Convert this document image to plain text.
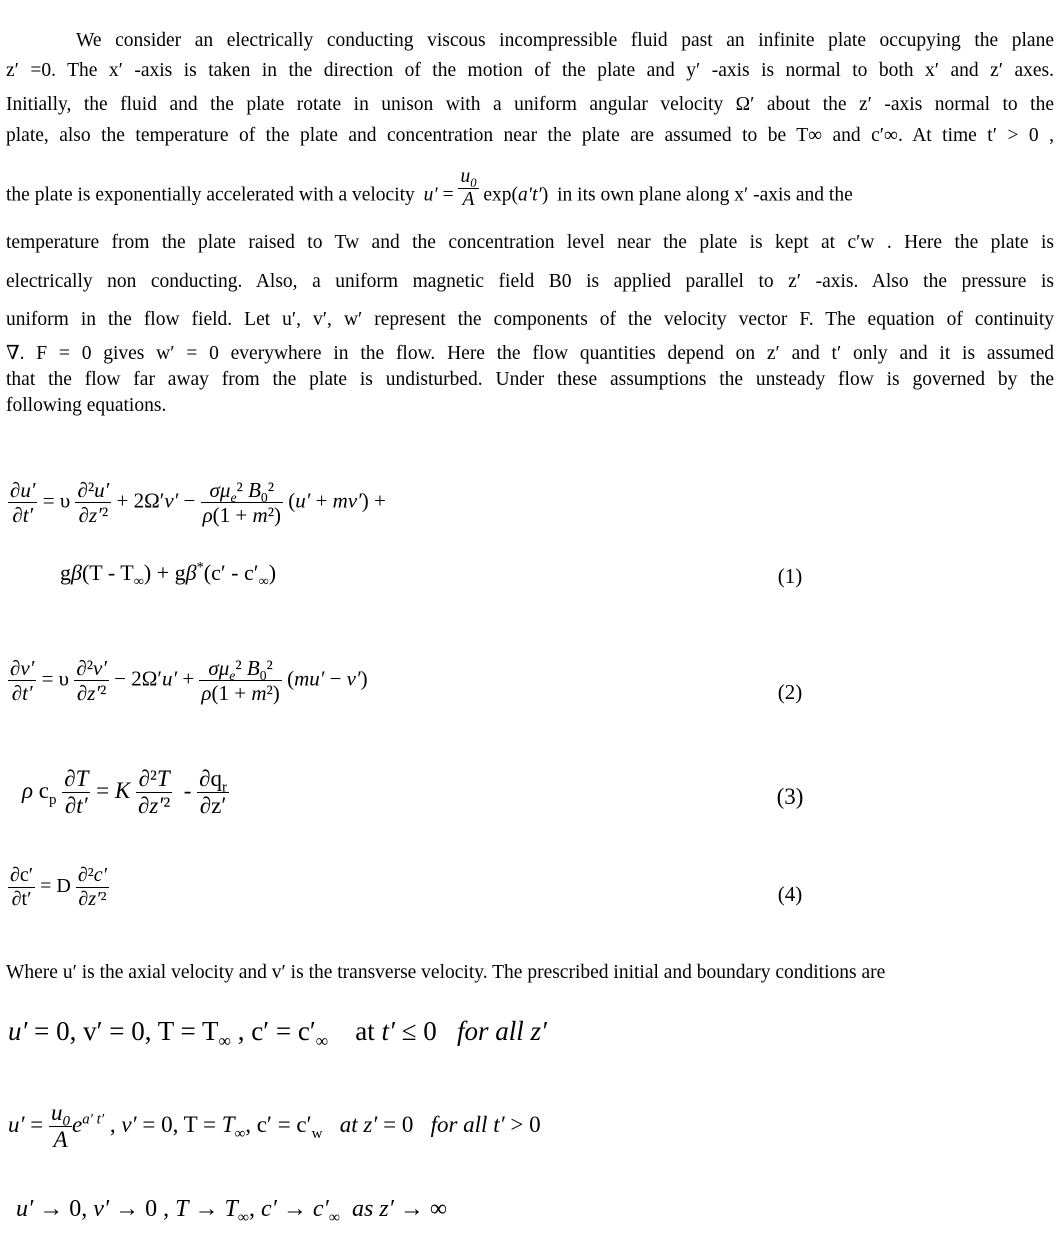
We consider an electrically conducting viscous incompressible fluid past an infinite plate occupying the plane
z′ =0. The x′ -axis is taken in the direction of the motion of the plate and y′ -axis is normal to both x′ and z′ axes.
Initially, the fluid and the plate rotate in unison with a uniform angular velocity Ω′ about the z′ -axis normal to the
plate, also the temperature of the plate and concentration near the plate are assumed to be T∞ and c′∞. At time t′ > 0 ,
the plate is exponentially accelerated with a velocity $u' = \frac{u_0}{A} \exp(a't')$ in its own plane along x′ -axis and the
temperature from the plate raised to Tw and the concentration level near the plate is kept at c′w . Here the plate is
electrically non conducting. Also, a uniform magnetic field B0 is applied parallel to z′ -axis. Also the pressure is
uniform in the flow field. Let u′, v′, w′ represent the components of the velocity vector F. The equation of continuity
∇. F = 0 gives w′ = 0 everywhere in the flow. Here the flow quantities depend on z′ and t′ only and it is assumed
that the flow far away from the plate is undisturbed. Under these assumptions the unsteady flow is governed by the
following equations.
$\frac{\partial u'}{\partial t'} = \upsilon \frac{\text{∂²u′}}{\text{∂z′²}} + 2\Omega'v' - \frac{\sigma\mu_e^2 B_0^2}{\text{ρ(1 + m²)}} (u' + mv')$ +
$g\beta(T - T_\infty) + g\beta^*(c' - c'_\infty)$	(1)
$\frac{\partial v'}{\partial t'} = \upsilon \frac{\text{∂²v′}}{\text{∂z′²}} - 2\Omega'u' + \frac{\sigma\mu_e^2 B_0^2}{\text{ρ(1 + m²)}} (mu' - v')$
(2)
ρ $c_p \frac{\partial T}{\partial t'} = K \frac{\text{∂²T}}{\text{∂z′²}} - \frac{\partial q_r}{\partial z'}$	(3)
$\frac{\partial c'}{\partial t'} = D \frac{\text{∂²c′}}{\text{∂z′²}}$	(4)
Where u′ is the axial velocity and v′ is the transverse velocity. The prescribed initial and boundary conditions are
u′ = 0, v′ = 0, $T = T_\infty$ , $c' = c'_\infty$ at t′ ≤ 0   for all z′
$u' = \frac{u_0}{A} e^{a' t'}$ , v′ = 0, $T = T_\infty$, $c' = c'_w$ at z′ = 0   for all t′ > 0
u′ → 0, v′ → 0 , $T \to T_\infty$, $c' \to c'_\infty$ as z′ → ∞
